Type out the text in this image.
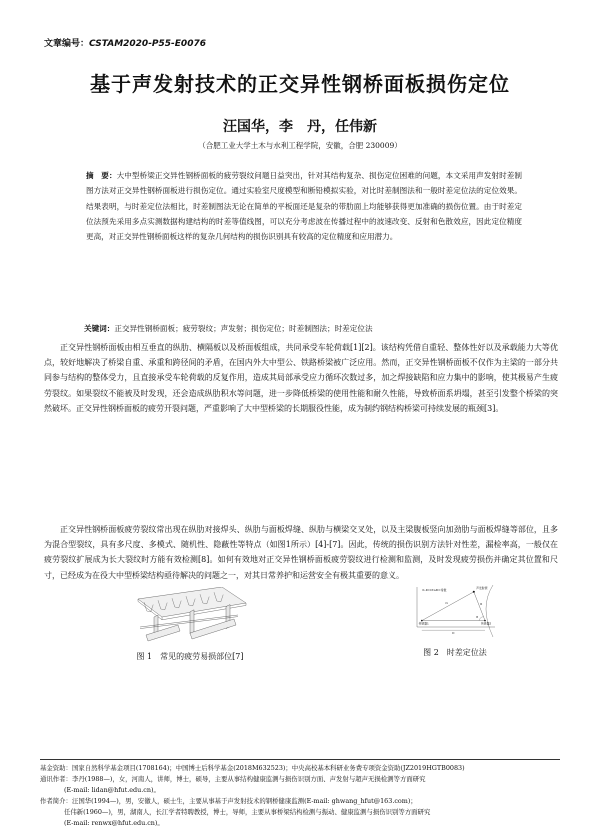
文章编号：CSTAM2020-P55-E0076
基于声发射技术的正交异性钢桥面板损伤定位
汪国华，李　丹，任伟新
（合肥工业大学土木与水利工程学院，安徽，合肥 230009）
摘　要：大中型桥梁正交异性钢桥面板的疲劳裂纹问题日益突出，针对其结构复杂、损伤定位困难的问题，本文采用声发射时差制图方法对正交异性钢桥面板进行损伤定位。通过实验室尺度模型和断铅模拟实验，对比时差制图法和一般时差定位法的定位效果。结果表明，与时差定位法相比，时差制图法无论在简单的平板面还是复杂的带肋面上均能够获得更加准确的损伤位置。由于时差定位法预先采用多点实测数据构建结构的时差等值线图，可以充分考虑波在传播过程中的波速改变、反射和色散效应，因此定位精度更高，对正交异性钢桥面板这样的复杂几何结构的损伤识别具有较高的定位精度和应用潜力。
关键词：正交异性钢桥面板；疲劳裂纹；声发射；损伤定位；时差制图法；时差定位法
正交异性钢桥面板由相互垂直的纵肋、横隔板以及桥面板组成，共同承受车轮荷载[1][2]。该结构凭借自重轻、整体性好以及承载能力大等优点，较好地解决了桥梁自重、承重和跨径间的矛盾，在国内外大中型公、铁路桥梁被广泛应用。然而，正交异性钢桥面板不仅作为主梁的一部分共同参与结构的整体受力，且直接承受车轮荷载的反复作用，造成其局部承受应力循环次数过多，加之焊接缺陷和应力集中的影响，使其极易产生疲劳裂纹。如果裂纹不能被及时发现，还会造成纵肋积水等问题，进一步降低桥梁的使用性能和耐久性能，导致桥面系坍塌，甚至引发整个桥梁的突然破坏。正交异性钢桥面板的疲劳开裂问题，严重影响了大中型桥梁的长期服役性能，成为制约钢结构桥梁可持续发展的瓶颈[3]。
正交异性钢桥面板疲劳裂纹常出现在纵肋对接焊头、纵肋与面板焊缝、纵肋与横梁交叉处，以及主梁腹板竖向加劲肋与面板焊缝等部位，且多为混合型裂纹，具有多尺度、多模式、随机性、隐蔽性等特点（如图1所示）[4]-[7]。因此，传统的损伤识别方法针对性差，漏检率高，一般仅在疲劳裂纹扩展成为长大裂纹时方能有效检测[8]。如何有效地对正交异性钢桥面板疲劳裂纹进行检测和监测，及时发现疲劳损伤并确定其位置和尺寸，已经成为在役大中型桥梁结构亟待解决的问题之一，对其日常养护和运营安全有极其重要的意义。
图 1　常见的疲劳易损部位[7]
声发射源
r1-R=Ct×Δt=常数
r1	R
θ
传感器1	传感器2
D
图 2　时差定位法
基金资助：国家自然科学基金项目(1708164)；中国博士后科学基金(2018M632523)；中央高校基本科研业务费专项资金资助(JZ2019HGTB0083)
通讯作者：李丹(1988—)，女，河南人，讲师，博士，硕导，主要从事结构健康监测与损伤识别方面、声发射与超声无损检测等方面研究
(E-mail: lidan@hfut.edu.cn)。
作者简介：汪国华(1994—)，男，安徽人，硕士生，主要从事基于声发射技术的钢桥健康监测(E-mail: ghwang_hfut@163.com)；
任伟新(1960—)，男，湖南人，长江学者特聘教授，博士，导师，主要从事桥梁结构检测与振动、健康监测与损伤识别等方面研究
(E-mail: renwx@hfut.edu.cn)。
